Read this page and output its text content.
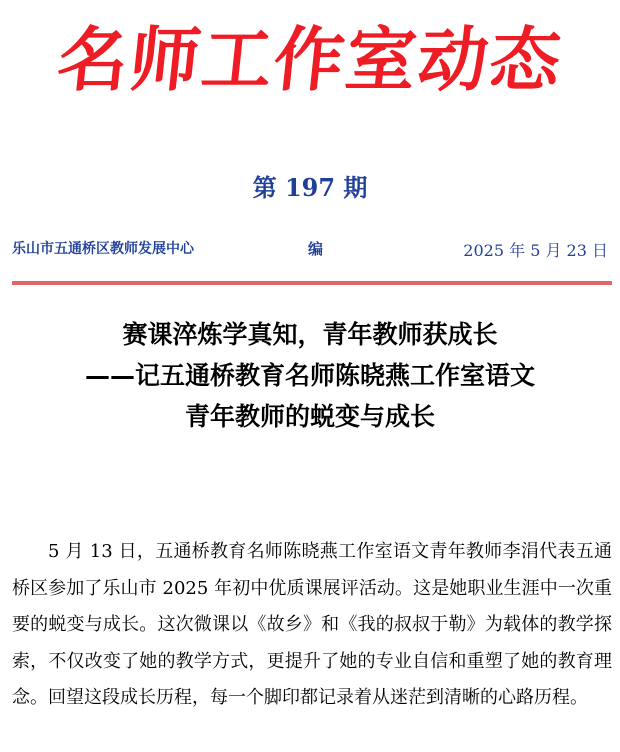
名师工作室动态
第 197 期
乐山市五通桥区教师发展中心	编	2025 年 5 月 23 日
赛课淬炼学真知，青年教师获成长
——记五通桥教育名师陈晓燕工作室语文
青年教师的蜕变与成长

5 月 13 日，五通桥教育名师陈晓燕工作室语文青年教师李涓代表五通桥区参加了乐山市 2025 年初中优质课展评活动。这是她职业生涯中一次重要的蜕变与成长。这次微课以《故乡》和《我的叔叔于勒》为载体的教学探索，不仅改变了她的教学方式，更提升了她的专业自信和重塑了她的教育理念。回望这段成长历程，每一个脚印都记录着从迷茫到清晰的心路历程。
